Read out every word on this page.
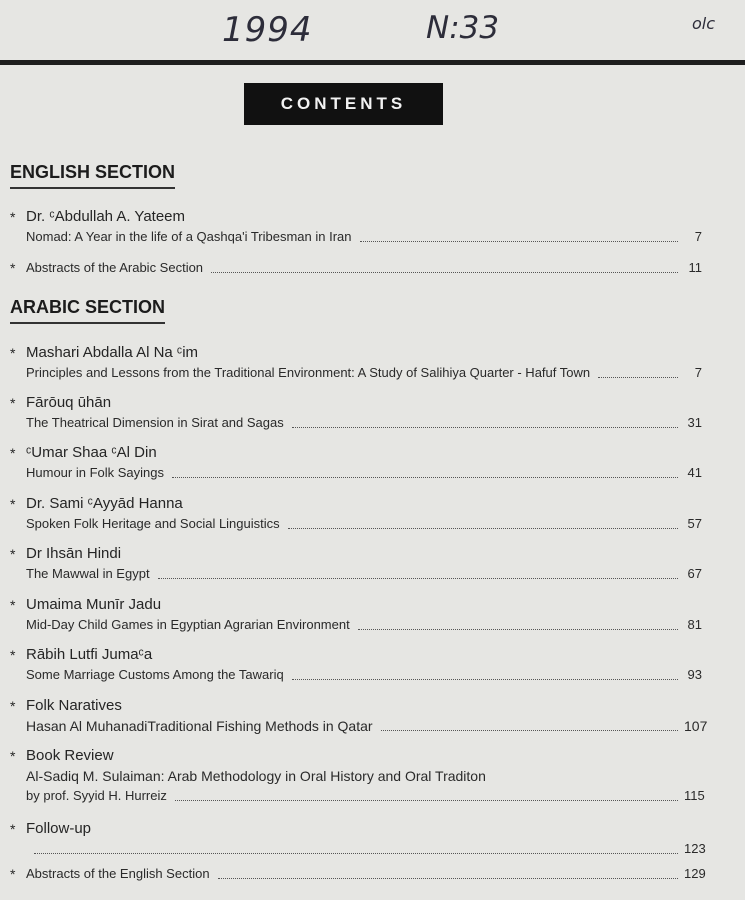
1994	N:33	olc
CONTENTS
ENGLISH SECTION
* Dr. ᶜAbdullah A. Yateem
Nomad: A Year in the life of a Qashqa'i Tribesman in Iran	7
* Abstracts of the Arabic Section	11
ARABIC SECTION
* Mashari Abdalla Al Na ᶜim
Principles and Lessons from the Traditional Environment: A Study of Salihiya Quarter - Hafuf Town	7
* Fārōuq ūhān
The Theatrical Dimension in Sirat and Sagas	31
* ᶜUmar Shaa ᶜAl Din
Humour in Folk Sayings	41
* Dr. Sami ᶜAyyād Hanna
Spoken Folk Heritage and Social Linguistics	57
* Dr Ihsān Hindi
The Mawwal in Egypt	67
* Umaima Munīr Jadu
Mid-Day Child Games in Egyptian Agrarian Environment	81
* Rābih Lutfi Jumaᶜa
Some Marriage Customs Among the Tawariq	93
* Folk Naratives
Hasan Al MuhanadiTraditional Fishing Methods in Qatar	107
* Book Review
Al-Sadiq M. Sulaiman: Arab Methodology in Oral History and Oral Traditon
by prof. Syyid H. Hurreiz	115
* Follow-up
123
* Abstracts of the English Section	129
